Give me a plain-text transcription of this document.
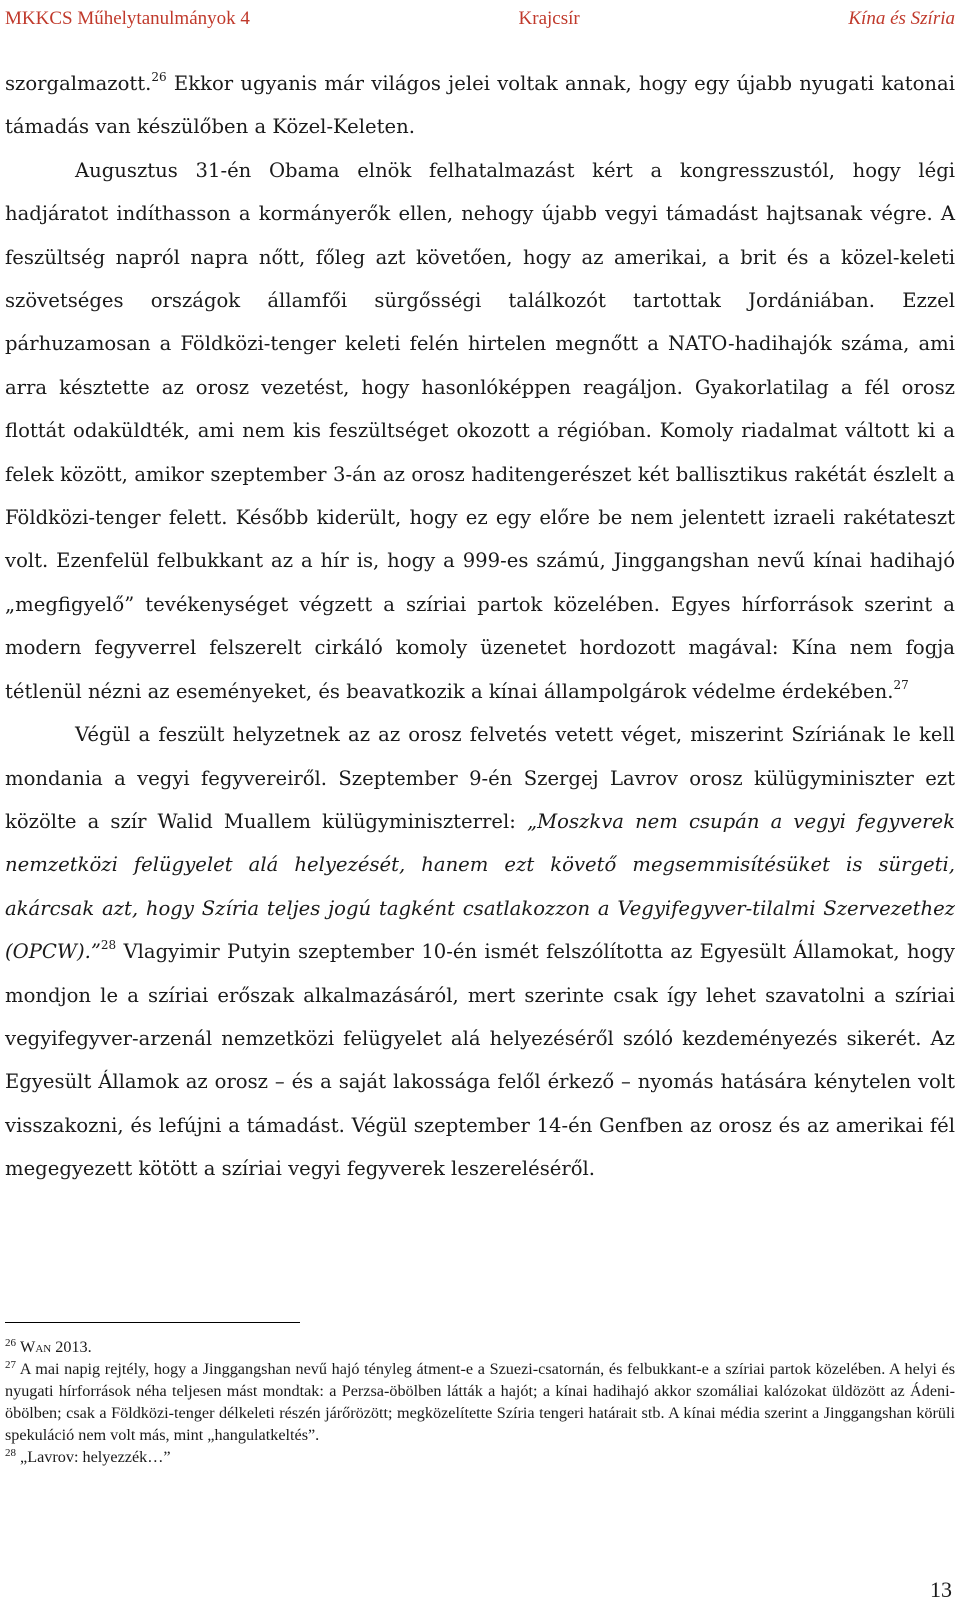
MKKCS Műhelytanulmányok 4	Krajcsír	Kína és Szíria

szorgalmazott.$^{26}$ Ekkor ugyanis már világos jelei voltak annak, hogy egy újabb nyugati katonai támadás van készülőben a Közel-Keleten.

Augusztus 31-én Obama elnök felhatalmazást kért a kongresszustól, hogy légi hadjáratot indíthasson a kormányerők ellen, nehogy újabb vegyi támadást hajtsanak végre. A feszültség napról napra nőtt, főleg azt követően, hogy az amerikai, a brit és a közel-keleti szövetséges országok államfői sürgősségi találkozót tartottak Jordániában. Ezzel párhuzamosan a Földközi-tenger keleti felén hirtelen megnőtt a NATO-hadihajók száma, ami arra késztette az orosz vezetést, hogy hasonlóképpen reagáljon. Gyakorlatilag a fél orosz flottát odaküldték, ami nem kis feszültséget okozott a régióban. Komoly riadalmat váltott ki a felek között, amikor szeptember 3-án az orosz haditengerészet két ballisztikus rakétát észlelt a Földközi-tenger felett. Később kiderült, hogy ez egy előre be nem jelentett izraeli rakétateszt volt. Ezenfelül felbukkant az a hír is, hogy a 999-es számú, Jinggangshan nevű kínai hadihajó „megfigyelő” tevékenységet végzett a szíriai partok közelében. Egyes hírforrások szerint a modern fegyverrel felszerelt cirkáló komoly üzenetet hordozott magával: Kína nem fogja tétlenül nézni az eseményeket, és beavatkozik a kínai állampolgárok védelme érdekében.$^{27}$

Végül a feszült helyzetnek az az orosz felvetés vetett véget, miszerint Szíriának le kell mondania a vegyi fegyvereiről. Szeptember 9-én Szergej Lavrov orosz külügyminiszter ezt közölte a szír Walid Muallem külügyminiszterrel: „Moszkva nem csupán a vegyi fegyverek nemzetközi felügyelet alá helyezését, hanem ezt követő megsemmisítésüket is sürgeti, akárcsak azt, hogy Szíria teljes jogú tagként csatlakozzon a Vegyifegyver-tilalmi Szervezethez (OPCW).”$^{28}$ Vlagyimir Putyin szeptember 10-én ismét felszólította az Egyesült Államokat, hogy mondjon le a szíriai erőszak alkalmazásáról, mert szerinte csak így lehet szavatolni a szíriai vegyifegyver-arzenál nemzetközi felügyelet alá helyezéséről szóló kezdeményezés sikerét. Az Egyesült Államok az orosz – és a saját lakossága felől érkező – nyomás hatására kénytelen volt visszakozni, és lefújni a támadást. Végül szeptember 14-én Genfben az orosz és az amerikai fél megegyezett kötött a szíriai vegyi fegyverek leszereléséről.

$^{26}$ Wan 2013.

$^{27}$ A mai napig rejtély, hogy a Jinggangshan nevű hajó tényleg átment-e a Szuezi-csatornán, és felbukkant-e a szíriai partok közelében. A helyi és nyugati hírforrások néha teljesen mást mondtak: a Perzsa-öbölben látták a hajót; a kínai hadihajó akkor szomáliai kalózokat üldözött az Ádeni-öbölben; csak a Földközi-tenger délkeleti részén járőrözött; megközelítette Szíria tengeri határait stb. A kínai média szerint a Jinggangshan körüli spekuláció nem volt más, mint „hangulatkeltés”.

$^{28}$ „Lavrov: helyezzék…”

13
